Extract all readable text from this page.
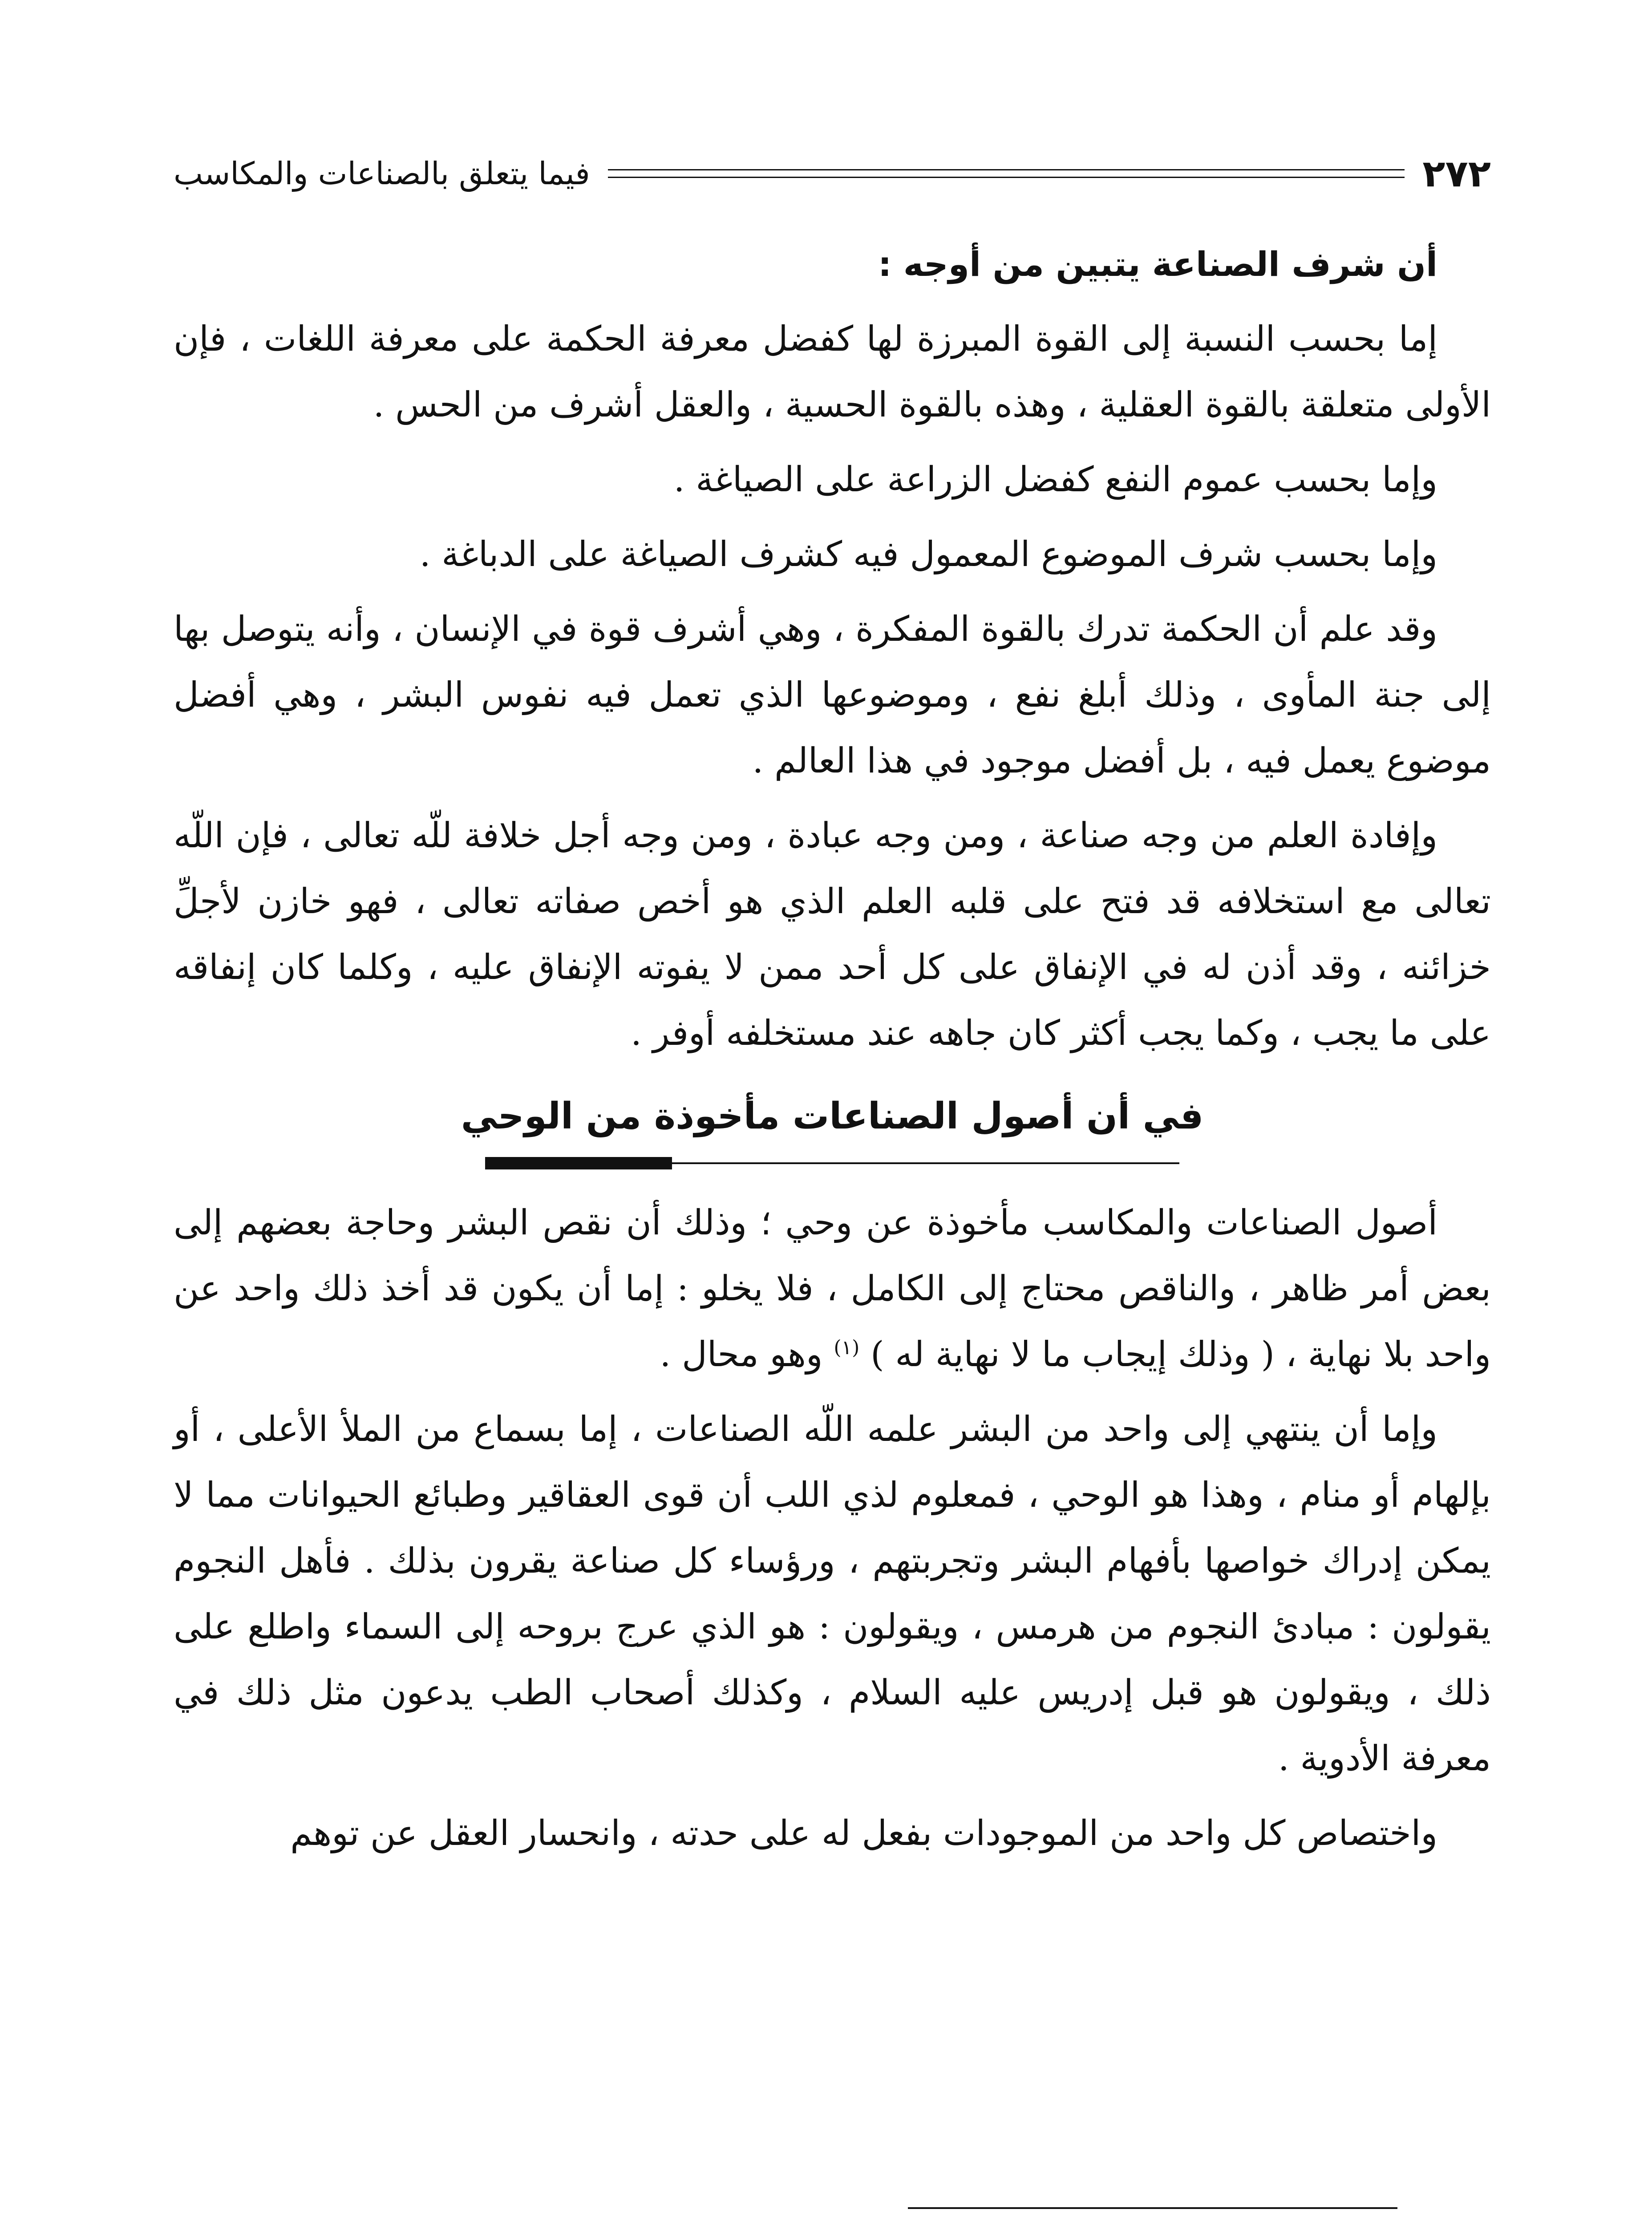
٢٧٢
فيما يتعلق بالصناعات والمكاسب

أن شرف الصناعة يتبين من أوجه :

إما بحسب النسبة إلى القوة المبرزة لها كفضل معرفة الحكمة على معرفة اللغات ، فإن الأولى متعلقة بالقوة العقلية ، وهذه بالقوة الحسية ، والعقل أشرف من الحس .

وإما بحسب عموم النفع كفضل الزراعة على الصياغة .

وإما بحسب شرف الموضوع المعمول فيه كشرف الصياغة على الدباغة .

وقد علم أن الحكمة تدرك بالقوة المفكرة ، وهي أشرف قوة في الإنسان ، وأنه يتوصل بها إلى جنة المأوى ، وذلك أبلغ نفع ، وموضوعها الذي تعمل فيه نفوس البشر ، وهي أفضل موضوع يعمل فيه ، بل أفضل موجود في هذا العالم .

وإفادة العلم من وجه صناعة ، ومن وجه عبادة ، ومن وجه أجل خلافة للّه تعالى ، فإن اللّه تعالى مع استخلافه قد فتح على قلبه العلم الذي هو أخص صفاته تعالى ، فهو خازن لأجلِّ خزائنه ، وقد أذن له في الإنفاق على كل أحد ممن لا يفوته الإنفاق عليه ، وكلما كان إنفاقه على ما يجب ، وكما يجب أكثر كان جاهه عند مستخلفه أوفر .

في أن أصول الصناعات مأخوذة من الوحي

أصول الصناعات والمكاسب مأخوذة عن وحي ؛ وذلك أن نقص البشر وحاجة بعضهم إلى بعض أمر ظاهر ، والناقص محتاج إلى الكامل ، فلا يخلو : إما أن يكون قد أخذ ذلك واحد عن واحد بلا نهاية ، ( وذلك إيجاب ما لا نهاية له ) $^{(١)}$ وهو محال .

وإما أن ينتهي إلى واحد من البشر علمه اللّه الصناعات ، إما بسماع من الملأ الأعلى ، أو بإلهام أو منام ، وهذا هو الوحي ، فمعلوم لذي اللب أن قوى العقاقير وطبائع الحيوانات مما لا يمكن إدراك خواصها بأفهام البشر وتجربتهم ، ورؤساء كل صناعة يقرون بذلك . فأهل النجوم يقولون : مبادئ النجوم من هرمس ، ويقولون : هو الذي عرج بروحه إلى السماء واطلع على ذلك ، ويقولون هو قبل إدريس عليه السلام ، وكذلك أصحاب الطب يدعون مثل ذلك في معرفة الأدوية .

واختصاص كل واحد من الموجودات بفعل له على حدته ، وانحسار العقل عن توهم
